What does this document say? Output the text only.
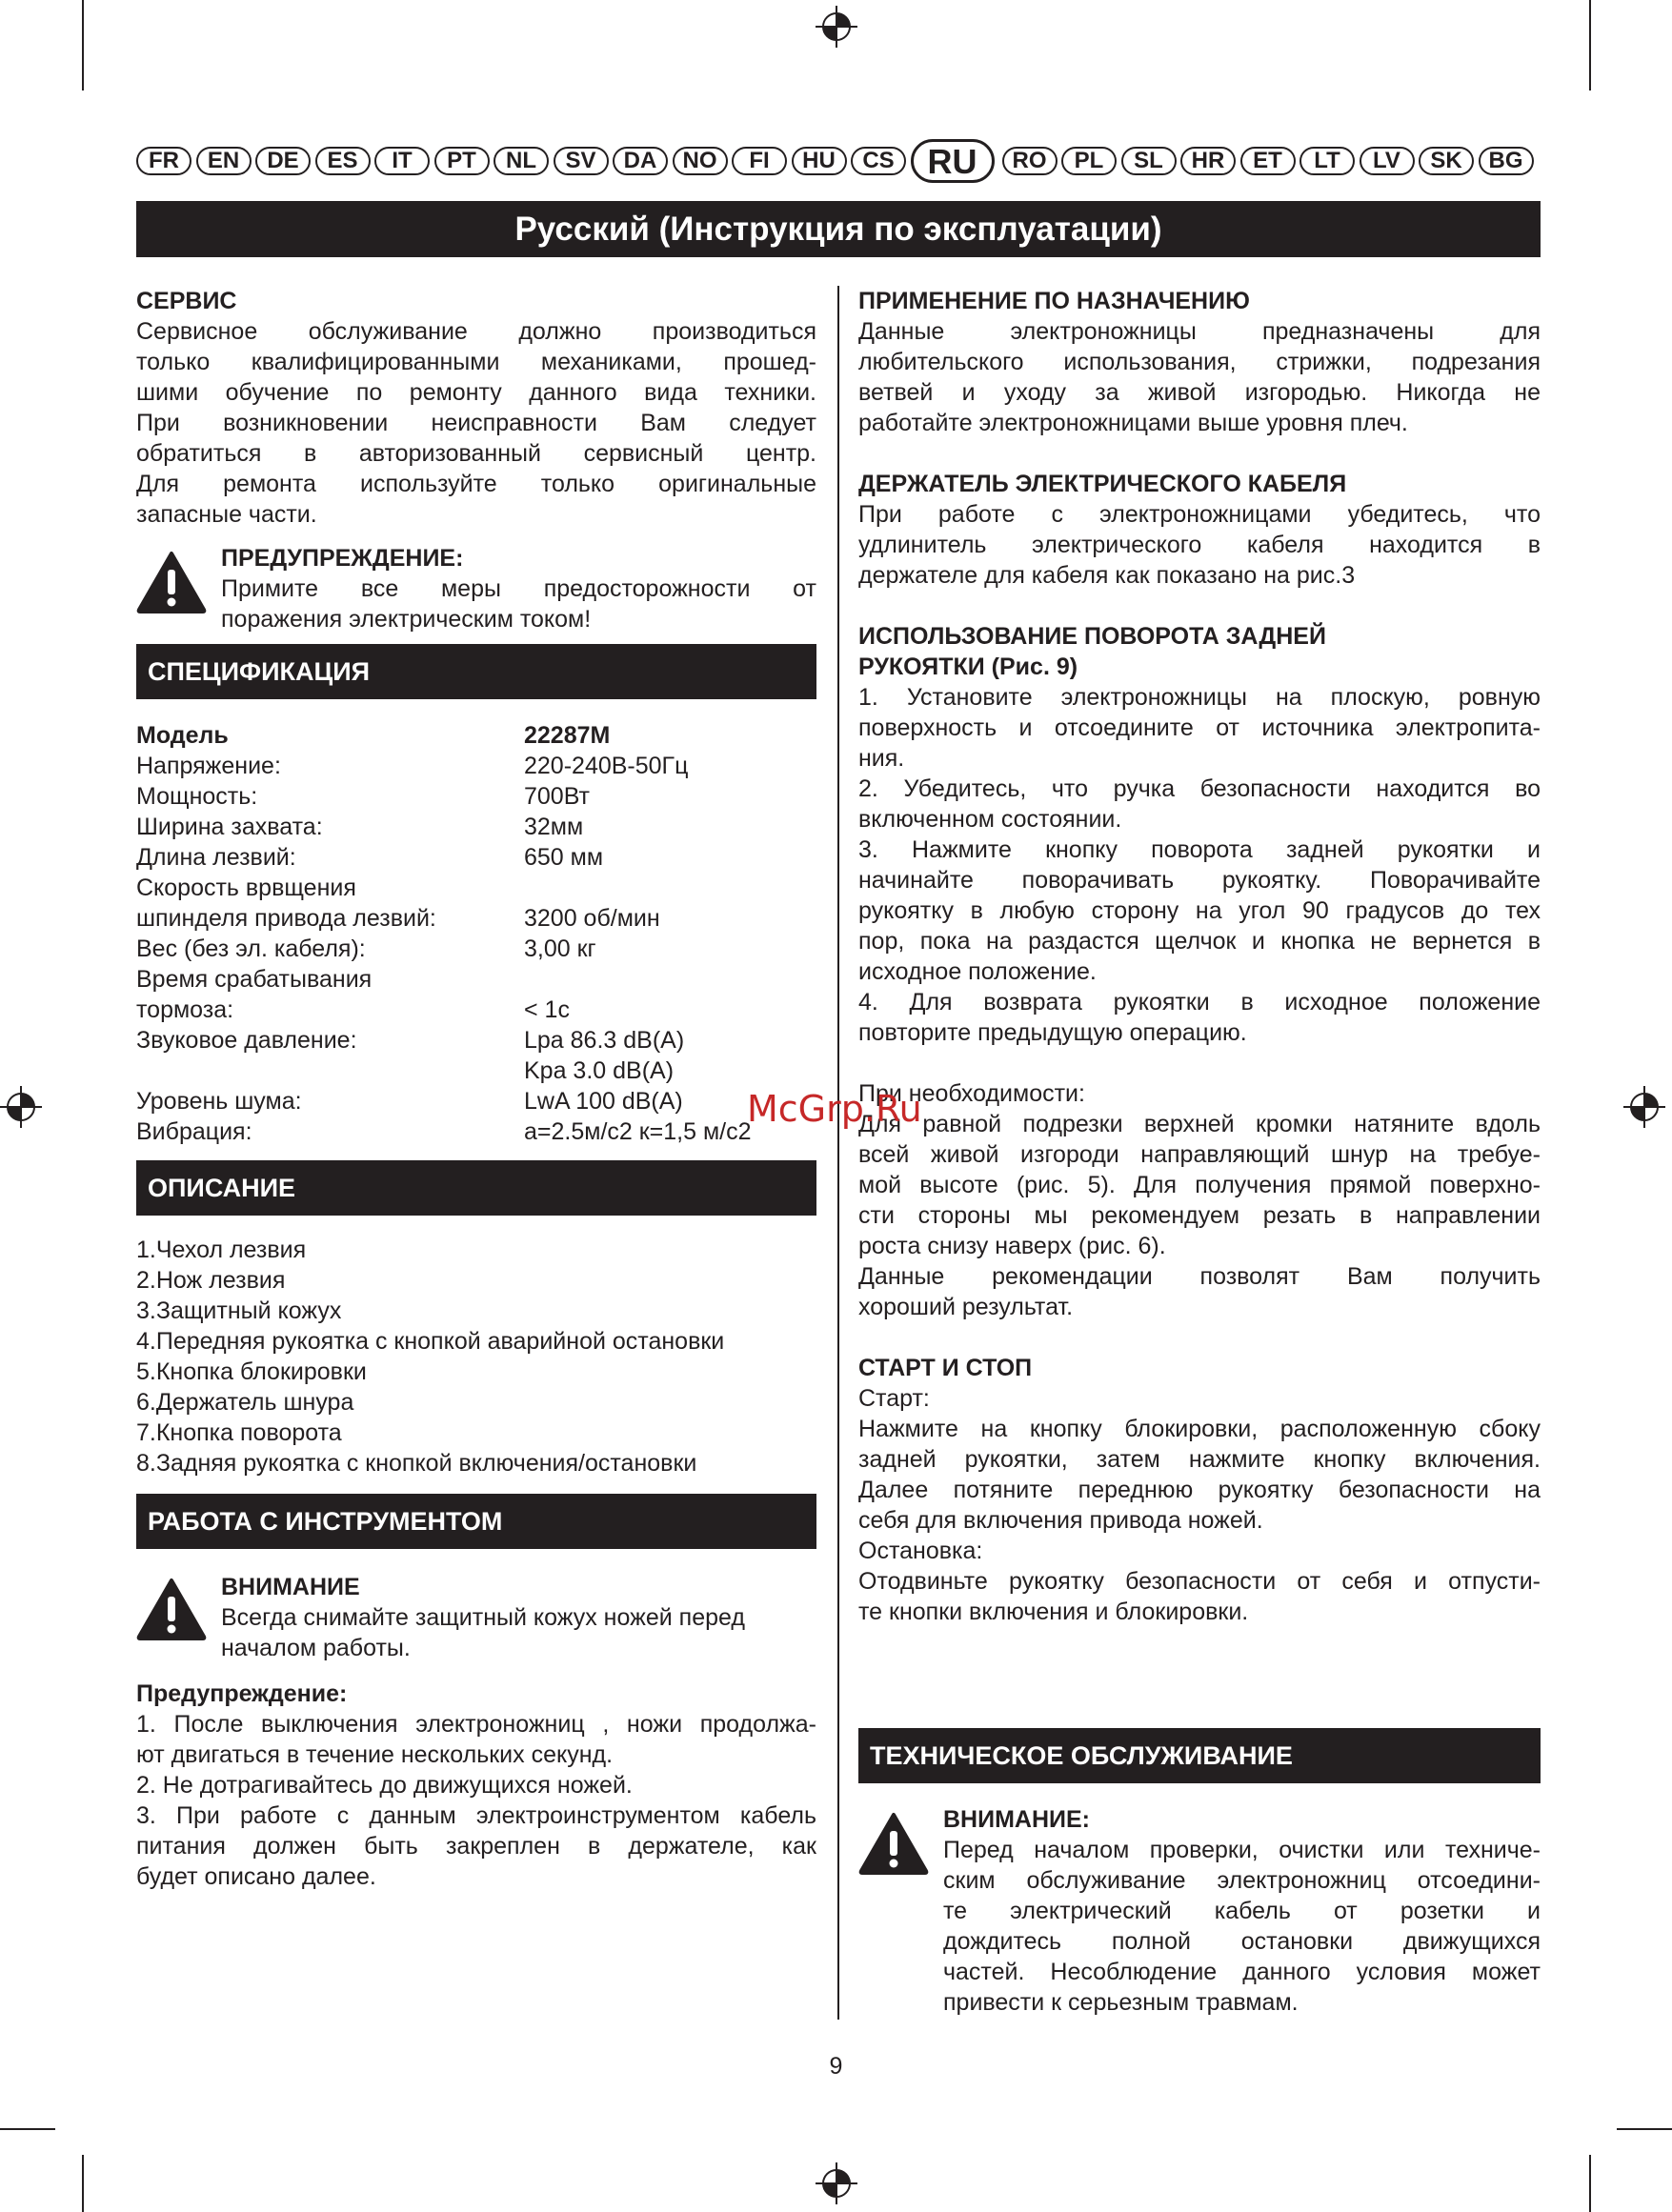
FR	EN	DE	ES	IT	PT	NL	SV	DA	NO	FI	HU	CS RU	RO	PL	SL	HR	ET	LT	LV	SK	BG
Русский (Инструкция по эксплуатации)
СЕРВИС
Сервисное обслуживание должно производиться
только квалифицированными механиками, прошед-
шими обучение по ремонту данного вида техники.
При возникновении неисправности Вам следует
обратиться в авторизованный сервисный центр.
Для ремонта используйте только оригинальные
запасные части.
ПРЕДУПРЕЖДЕНИЕ:
Примите все меры предосторожности от
поражения электрическим током!
СПЕЦИФИКАЦИЯ
Модель	22287M
Напряжение:	220-240В-50Гц
Мощность:	700Вт
Ширина захвата:	32мм
Длина лезвий:	650 мм
Скорость врвщения
шпинделя привода лезвий:	3200 об/мин
Вес (без эл. кабеля):	3,00 кг
Время срабатывания
тормоза:	< 1с
Звуковое давление:	Lpa 86.3 dB(A)
Kpa 3.0 dB(A)
Уровень шума:	LwA 100 dB(A)
Вибрация:	a=2.5м/с2 к=1,5 м/с2
ОПИСАНИЕ
1.Чехол лезвия
2.Нож лезвия
3.Защитный кожух
4.Передняя рукоятка с кнопкой аварийной остановки
5.Кнопка блокировки
6.Держатель шнура
7.Кнопка поворота
8.Задняя рукоятка с кнопкой включения/остановки
РАБОТА С ИНСТРУМЕНТОМ
ВНИМАНИЕ
Всегда снимайте защитный кожух ножей перед
началом работы.
Предупреждение:
1. После выключения электроножниц , ножи продолжа-
ют двигаться в течение нескольких секунд.
2. Не дотрагивайтесь до движущихся ножей.
3. При работе с данным электроинструментом кабель
питания должен быть закреплен в держателе, как
будет описано далее.
ПРИМЕНЕНИЕ ПО НАЗНАЧЕНИЮ
Данные электроножницы предназначены для
любительского использования, стрижки, подрезания
ветвей и уходу за живой изгородью. Никогда не
работайте электроножницами выше уровня плеч.
ДЕРЖАТЕЛЬ ЭЛЕКТРИЧЕСКОГО КАБЕЛЯ
При работе с электроножницами убедитесь, что
удлинитель электрического кабеля находится в
держателе для кабеля как показано на рис.3
ИСПОЛЬЗОВАНИЕ ПОВОРОТА ЗАДНЕЙ
РУКОЯТКИ (Рис. 9)
1. Установите электроножницы на плоскую, ровную
поверхность и отсоедините от источника электропита-
ния.
2. Убедитесь, что ручка безопасности находится во
включенном состоянии.
3. Нажмите кнопку поворота задней рукоятки и
начинайте поворачивать рукоятку. Поворачивайте
рукоятку в любую сторону на угол 90 градусов до тех
пор, пока на раздастся щелчок и кнопка не вернется в
исходное положение.
4. Для возврата рукоятки в исходное положение
повторите предыдущую операцию.
При необходимости:
Для равной подрезки верхней кромки натяните вдоль
всей живой изгороди направляющий шнур на требуе-
мой высоте (рис. 5). Для получения прямой поверхно-
сти стороны мы рекомендуем резать в направлении
роста снизу наверх (рис. 6).
Данные рекомендации позволят Вам получить
хороший результат.
СТАРТ И СТОП
Старт:
Нажмите на кнопку блокировки, расположенную сбоку
задней рукоятки, затем нажмите кнопку включения.
Далее потяните переднюю рукоятку безопасности на
себя для включения привода ножей.
Остановка:
Отодвиньте рукоятку безопасности от себя и отпусти-
те кнопки включения и блокировки.
ТЕХНИЧЕСКОЕ ОБСЛУЖИВАНИЕ
ВНИМАНИЕ:
Перед началом проверки, очистки или техниче-
ским обслуживание электроножниц отсоедини-
те электрический кабель от розетки и
дождитесь полной остановки движущихся
частей. Несоблюдение данного условия может
привести к серьезным травмам.
9
McGrp.Ru
